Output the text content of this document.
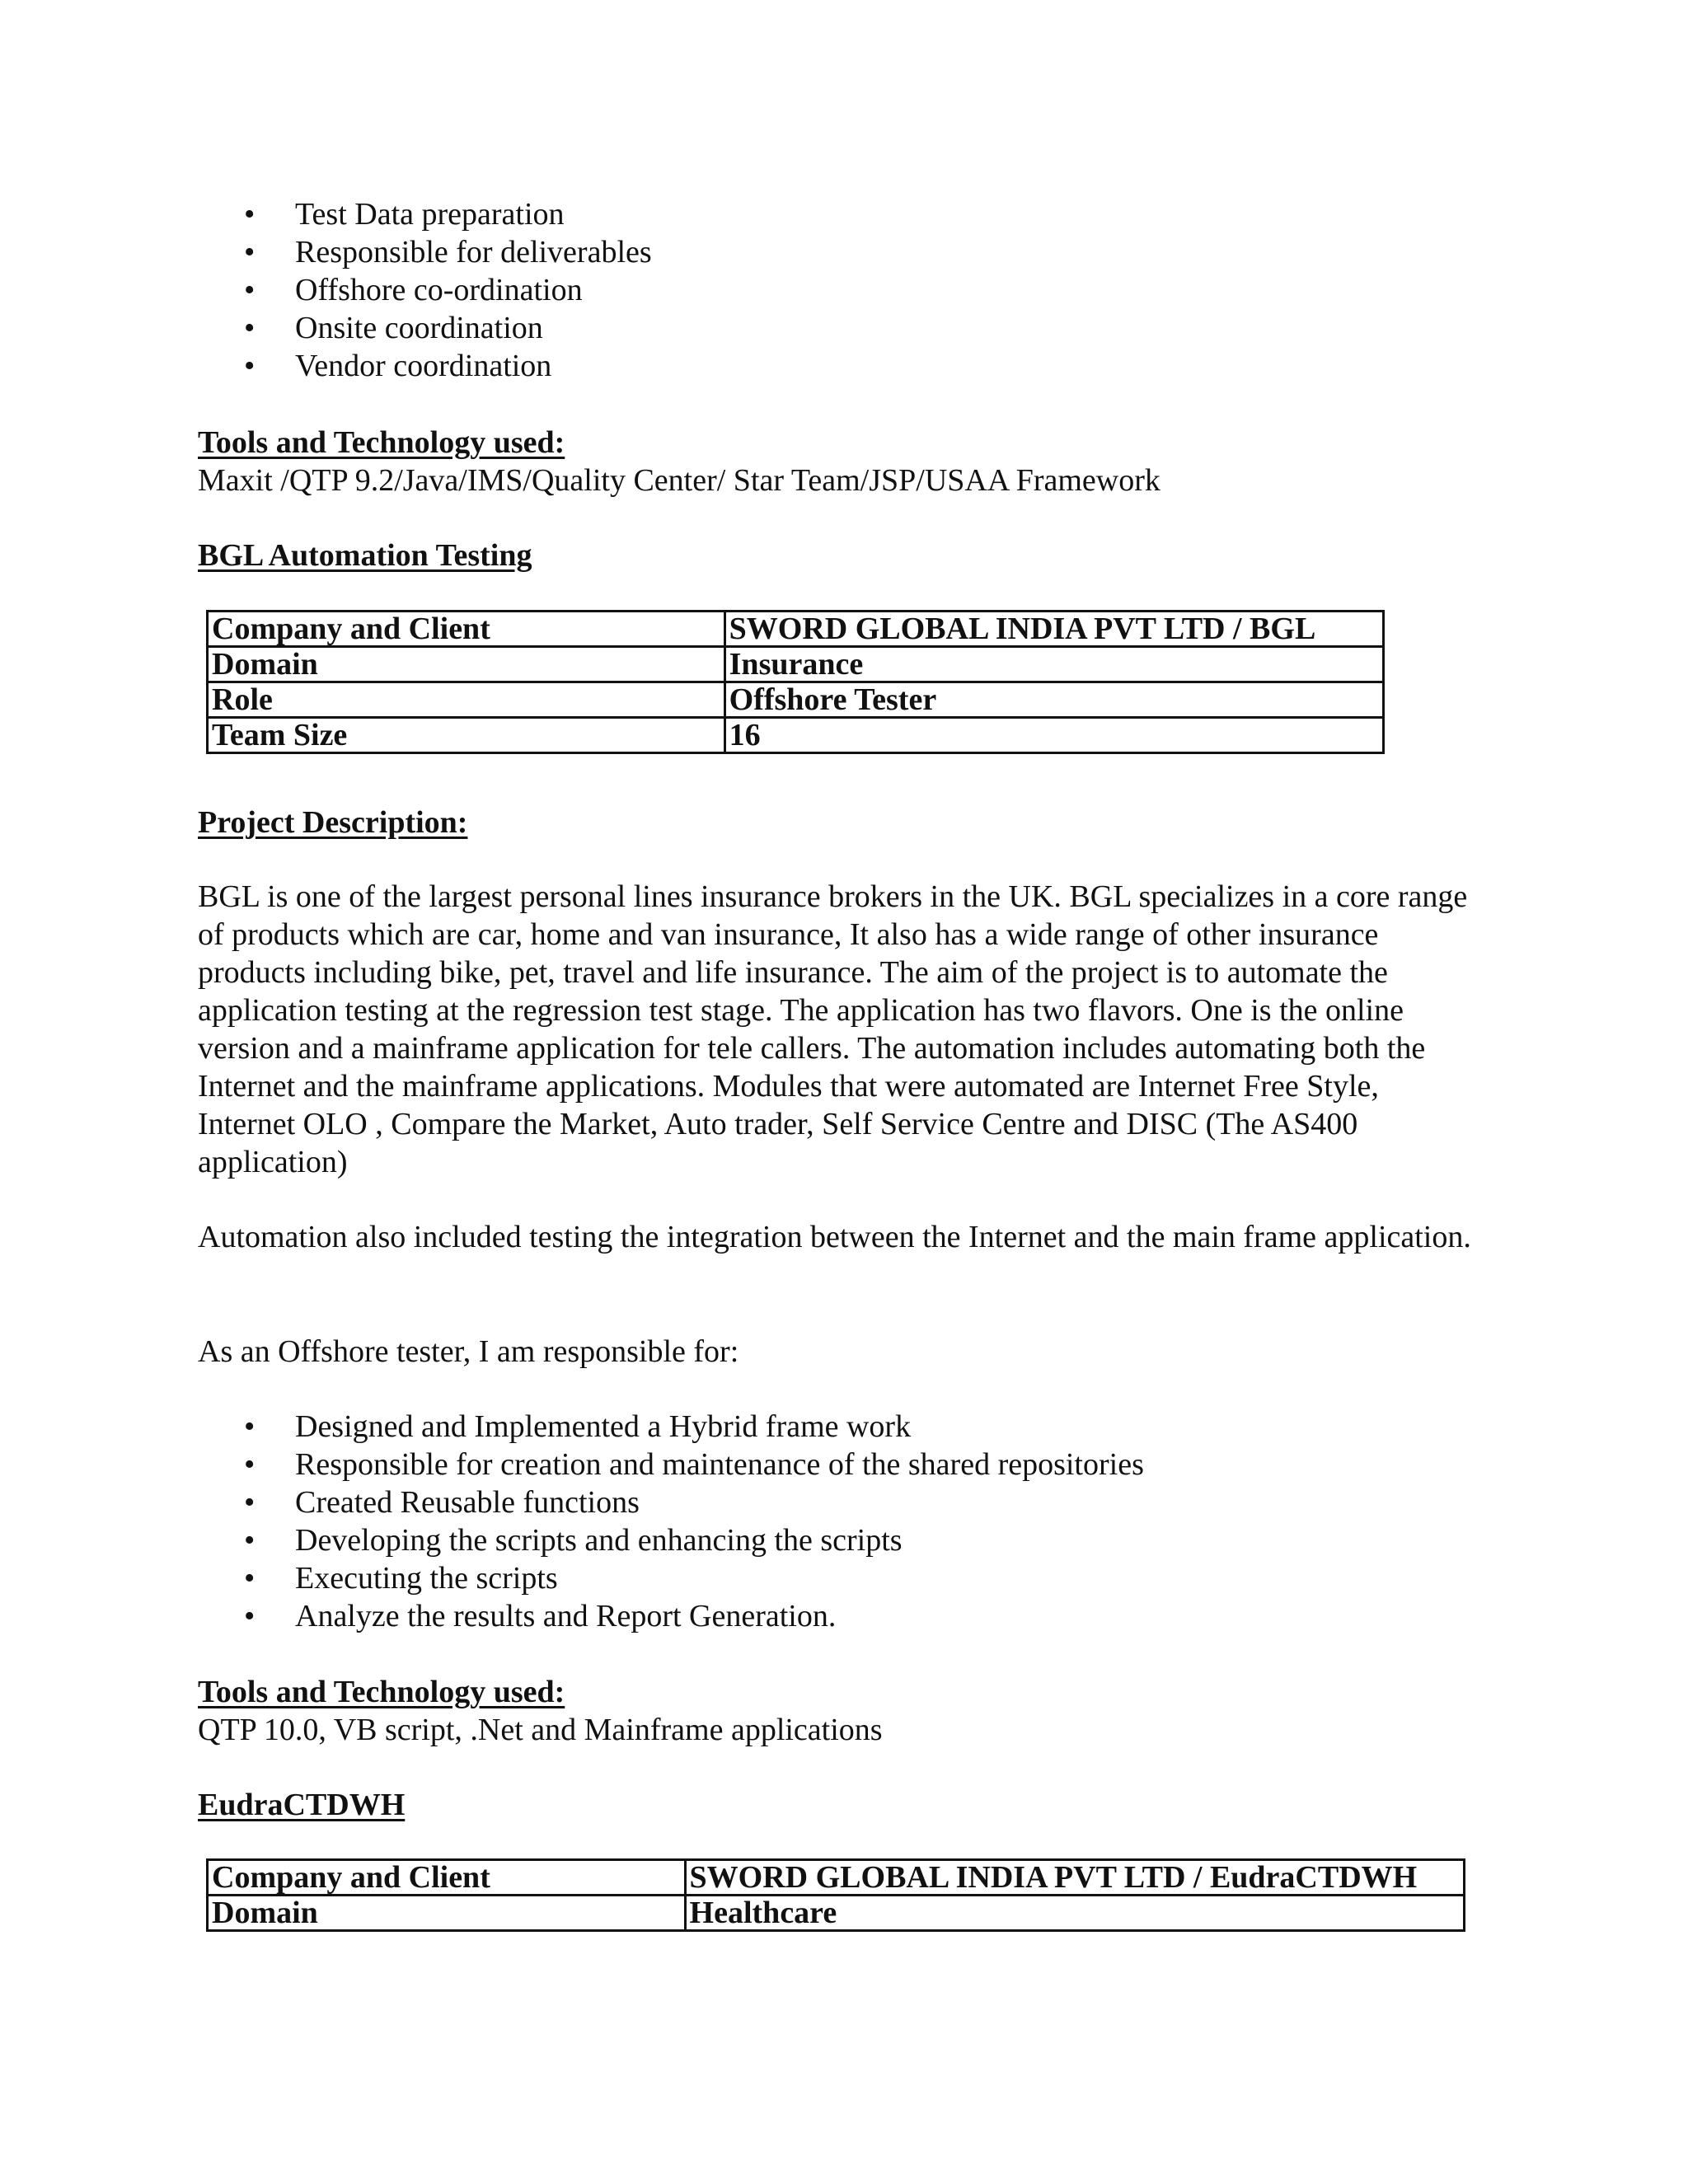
• Test Data preparation
• Responsible for deliverables
• Offshore co-ordination
• Onsite coordination
• Vendor coordination
Tools and Technology used:
Maxit /QTP 9.2/Java/IMS/Quality Center/ Star Team/JSP/USAA Framework
BGL Automation Testing
Company and Client	SWORD GLOBAL INDIA PVT LTD / BGL
Domain	Insurance
Role	Offshore Tester
Team Size	16
Project Description:

BGL is one of the largest personal lines insurance brokers in the UK. BGL specializes in a core range of products which are car, home and van insurance, It also has a wide range of other insurance products including bike, pet, travel and life insurance. The aim of the project is to automate the application testing at the regression test stage. The application has two flavors. One is the online version and a mainframe application for tele callers. The automation includes automating both the Internet and the mainframe applications. Modules that were automated are Internet Free Style, Internet OLO , Compare the Market, Auto trader, Self Service Centre and DISC (The AS400 application)

Automation also included testing the integration between the Internet and the main frame application.

As an Offshore tester, I am responsible for:
• Designed and Implemented a Hybrid frame work
• Responsible for creation and maintenance of the shared repositories
• Created Reusable functions
• Developing the scripts and enhancing the scripts
• Executing the scripts
• Analyze the results and Report Generation.
Tools and Technology used:
QTP 10.0, VB script, .Net and Mainframe applications
EudraCTDWH
Company and Client	SWORD GLOBAL INDIA PVT LTD / EudraCTDWH
Domain	Healthcare
